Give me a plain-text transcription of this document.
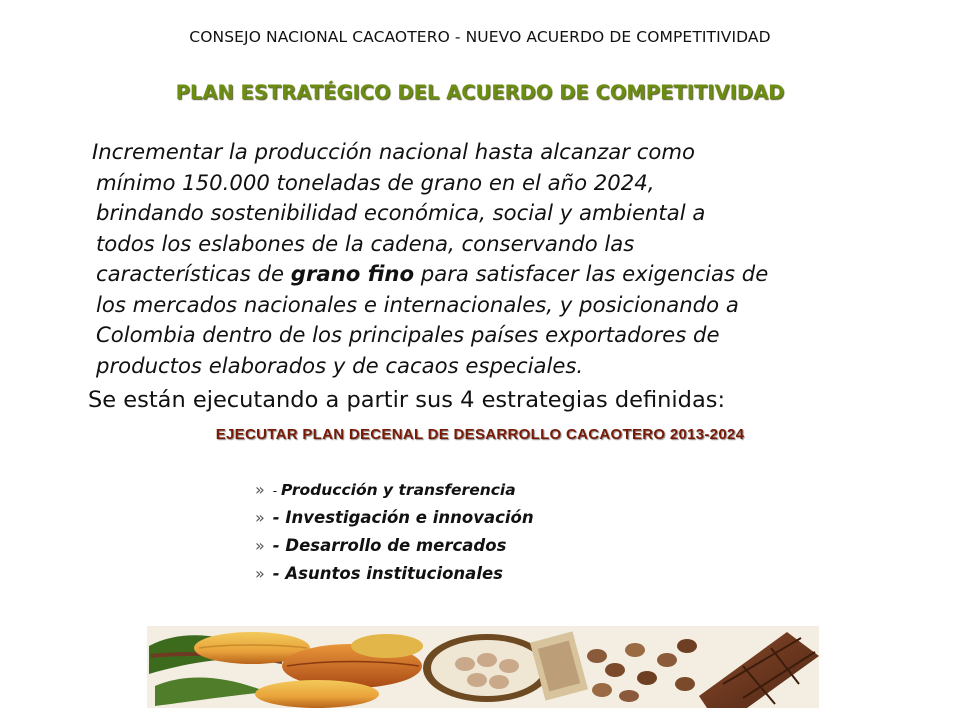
CONSEJO NACIONAL CACAOTERO - NUEVO ACUERDO DE COMPETITIVIDAD
PLAN ESTRATÉGICO DEL ACUERDO DE COMPETITIVIDAD
Incrementar la producción nacional hasta alcanzar como
mínimo 150.000 toneladas de grano en el año 2024,
brindando sostenibilidad económica, social y ambiental a
todos los eslabones de la cadena, conservando las
características de grano fino para satisfacer las exigencias de
los mercados nacionales e internacionales, y posicionando a
Colombia dentro de los principales países exportadores de
productos elaborados y de cacaos especiales.
Se están ejecutando a partir sus 4 estrategias definidas:
EJECUTAR PLAN DECENAL DE DESARROLLO CACAOTERO 2013-2024
» - Producción y transferencia
» - Investigación e innovación
» - Desarrollo de mercados
» - Asuntos institucionales
